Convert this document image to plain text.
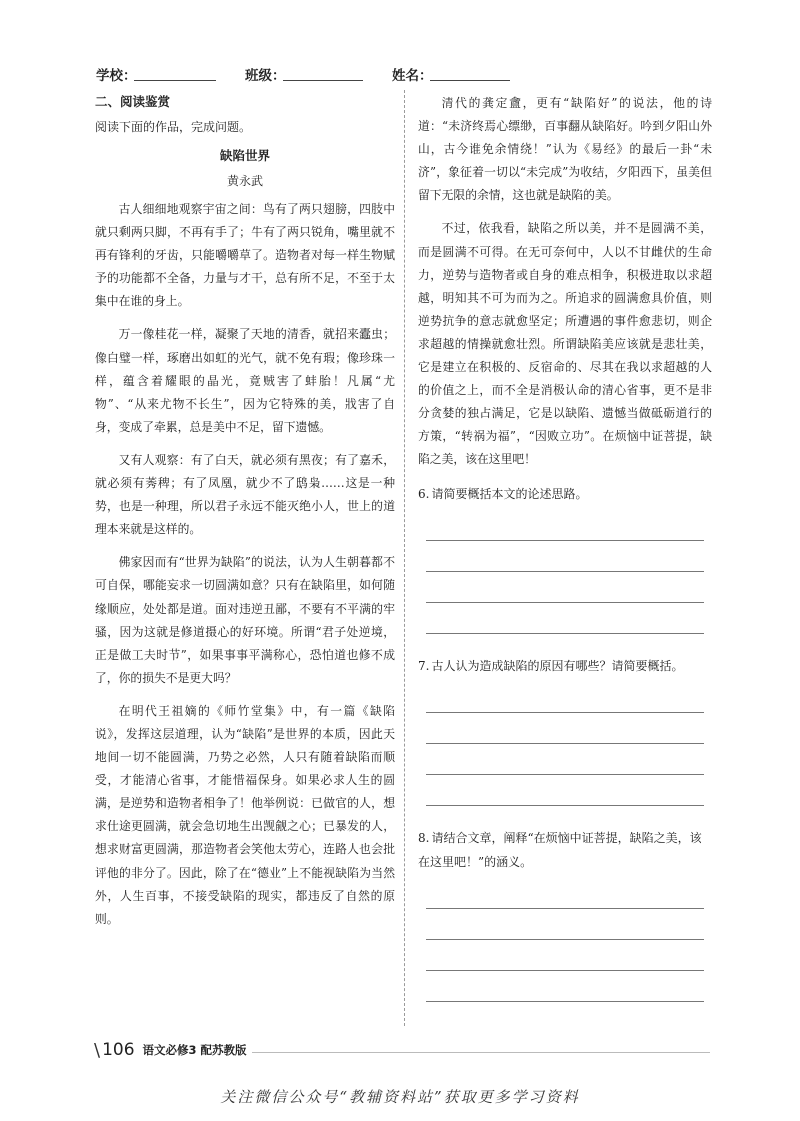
学校：	班级：	姓名：
二、阅读鉴赏
阅读下面的作品，完成问题。
缺陷世界
黄永武

古人细细地观察宇宙之间：鸟有了两只翅膀，四肢中就只剩两只脚，不再有手了；牛有了两只锐角，嘴里就不再有锋利的牙齿，只能嚼嚼草了。造物者对每一样生物赋予的功能都不全备，力量与才干，总有所不足，不至于太集中在谁的身上。

万一像桂花一样，凝聚了天地的清香，就招来蠹虫；像白璧一样，琢磨出如虹的光气，就不免有瑕；像珍珠一样，蕴含着耀眼的晶光，竟贼害了蚌胎！凡属“尤物”、“从来尤物不长生”，因为它特殊的美，戕害了自身，变成了牵累，总是美中不足，留下遗憾。

又有人观察：有了白天，就必须有黑夜；有了嘉禾，就必须有莠稗；有了凤凰，就少不了鸱枭……这是一种势，也是一种理，所以君子永远不能灭绝小人，世上的道理本来就是这样的。

佛家因而有“世界为缺陷”的说法，认为人生朝暮都不可自保，哪能妄求一切圆满如意？只有在缺陷里，如何随缘顺应，处处都是道。面对违逆丑鄙，不要有不平满的牢骚，因为这就是修道摄心的好环境。所谓“君子处逆境，正是做工夫时节”，如果事事平满称心，恐怕道也修不成了，你的损失不是更大吗？

在明代王祖嫡的《师竹堂集》中，有一篇《缺陷说》，发挥这层道理，认为“缺陷”是世界的本质，因此天地间一切不能圆满，乃势之必然，人只有随着缺陷而顺受，才能清心省事，才能惜福保身。如果必求人生的圆满，是逆势和造物者相争了！他举例说：已做官的人，想求仕途更圆满，就会急切地生出觊觎之心；已暴发的人，想求财富更圆满，那造物者会笑他太劳心，连路人也会批评他的非分了。因此，除了在“德业”上不能视缺陷为当然外，人生百事，不接受缺陷的现实，都违反了自然的原则。

清代的龚定盦，更有“缺陷好”的说法，他的诗道：“未济终焉心缥缈，百事翻从缺陷好。吟到夕阳山外山，古今谁免余情绕！”认为《易经》的最后一卦“未济”，象征着一切以“未完成”为收结，夕阳西下，虽美但留下无限的余情，这也就是缺陷的美。

不过，依我看，缺陷之所以美，并不是圆满不美，而是圆满不可得。在无可奈何中，人以不甘雌伏的生命力，逆势与造物者或自身的难点相争，积极进取以求超越，明知其不可为而为之。所追求的圆满愈具价值，则逆势抗争的意志就愈坚定；所遭遇的事件愈悲切，则企求超越的情操就愈壮烈。所谓缺陷美应该就是悲壮美，它是建立在积极的、反宿命的、尽其在我以求超越的人的价值之上，而不全是消极认命的清心省事，更不是非分贪婪的独占满足，它是以缺陷、遗憾当做砥砺道行的方策，“转祸为福”，“因败立功”。在烦恼中证菩提，缺陷之美，该在这里吧！

6. 请简要概括本文的论述思路。

7. 古人认为造成缺陷的原因有哪些？请简要概括。

8. 请结合文章，阐释“在烦恼中证菩提，缺陷之美，该在这里吧！”的涵义。

\ 106 语文必修3 配苏教版
关注微信公众号“教辅资料站”获取更多学习资料
